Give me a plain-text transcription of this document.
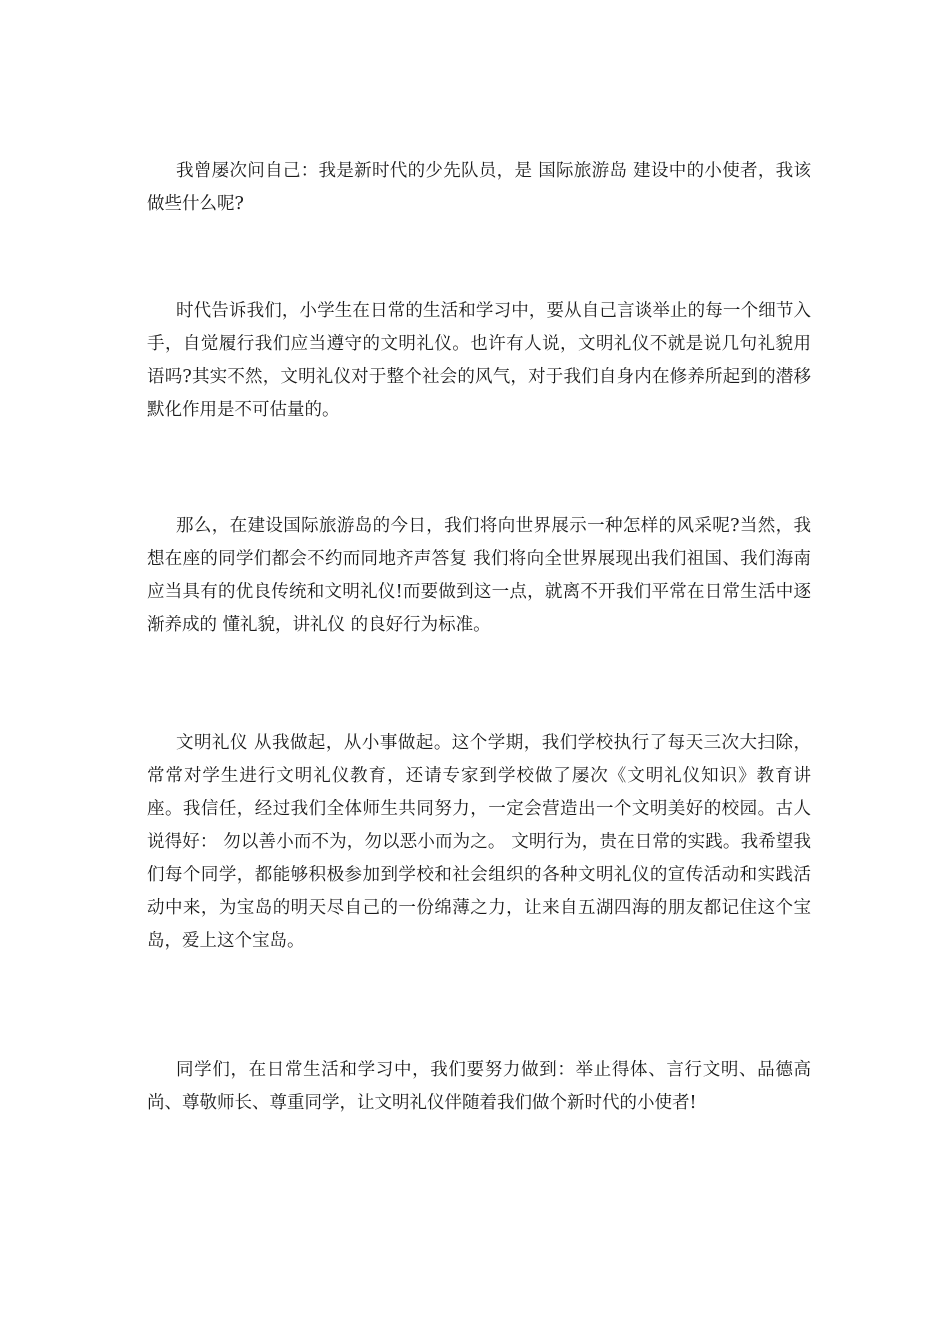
我曾屡次问自己：我是新时代的少先队员，是 国际旅游岛 建设中的小使者，我该做些什么呢?

时代告诉我们，小学生在日常的生活和学习中，要从自己言谈举止的每一个细节入手，自觉履行我们应当遵守的文明礼仪。也许有人说，文明礼仪不就是说几句礼貌用语吗?其实不然，文明礼仪对于整个社会的风气，对于我们自身内在修养所起到的潜移默化作用是不可估量的。

那么，在建设国际旅游岛的今日，我们将向世界展示一种怎样的风采呢?当然，我想在座的同学们都会不约而同地齐声答复 我们将向全世界展现出我们祖国、我们海南应当具有的优良传统和文明礼仪!而要做到这一点，就离不开我们平常在日常生活中逐渐养成的 懂礼貌，讲礼仪 的良好行为标准。

文明礼仪 从我做起，从小事做起。这个学期，我们学校执行了每天三次大扫除，常常对学生进行文明礼仪教育，还请专家到学校做了屡次《文明礼仪知识》教育讲座。我信任，经过我们全体师生共同努力，一定会营造出一个文明美好的校园。古人说得好： 勿以善小而不为，勿以恶小而为之。 文明行为，贵在日常的实践。我希望我们每个同学，都能够积极参加到学校和社会组织的各种文明礼仪的宣传活动和实践活动中来，为宝岛的明天尽自己的一份绵薄之力，让来自五湖四海的朋友都记住这个宝岛，爱上这个宝岛。

同学们，在日常生活和学习中，我们要努力做到：举止得体、言行文明、品德高尚、尊敬师长、尊重同学，让文明礼仪伴随着我们做个新时代的小使者!
